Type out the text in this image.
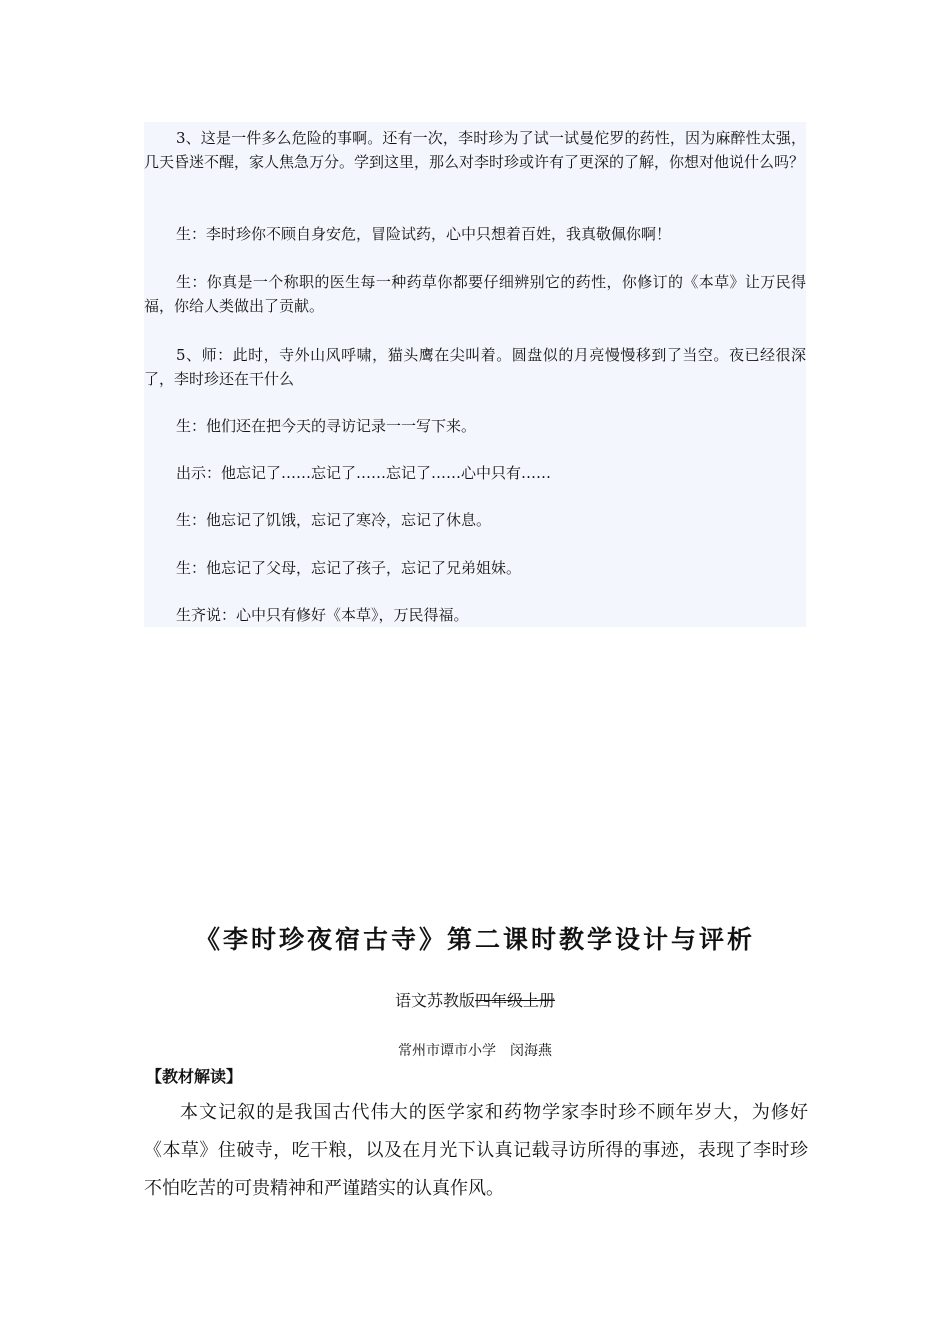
3、这是一件多么危险的事啊。还有一次，李时珍为了试一试曼佗罗的药性，因为麻醉性太强，几天昏迷不醒，家人焦急万分。学到这里，那么对李时珍或许有了更深的了解，你想对他说什么吗？

生：李时珍你不顾自身安危，冒险试药，心中只想着百姓，我真敬佩你啊！

生：你真是一个称职的医生每一种药草你都要仔细辨别它的药性，你修订的《本草》让万民得福，你给人类做出了贡献。

5、师：此时，寺外山风呼啸，猫头鹰在尖叫着。圆盘似的月亮慢慢移到了当空。夜已经很深了，李时珍还在干什么

生：他们还在把今天的寻访记录一一写下来。

出示：他忘记了……忘记了……忘记了……心中只有……

生：他忘记了饥饿，忘记了寒冷，忘记了休息。

生：他忘记了父母，忘记了孩子，忘记了兄弟姐妹。

生齐说：心中只有修好《本草》，万民得福。

《李时珍夜宿古寺》第二课时教学设计与评析
语文苏教版四年级上册
常州市谭市小学　闵海燕
【教材解读】

本文记叙的是我国古代伟大的医学家和药物学家李时珍不顾年岁大，为修好《本草》住破寺，吃干粮，以及在月光下认真记载寻访所得的事迹，表现了李时珍不怕吃苦的可贵精神和严谨踏实的认真作风。
